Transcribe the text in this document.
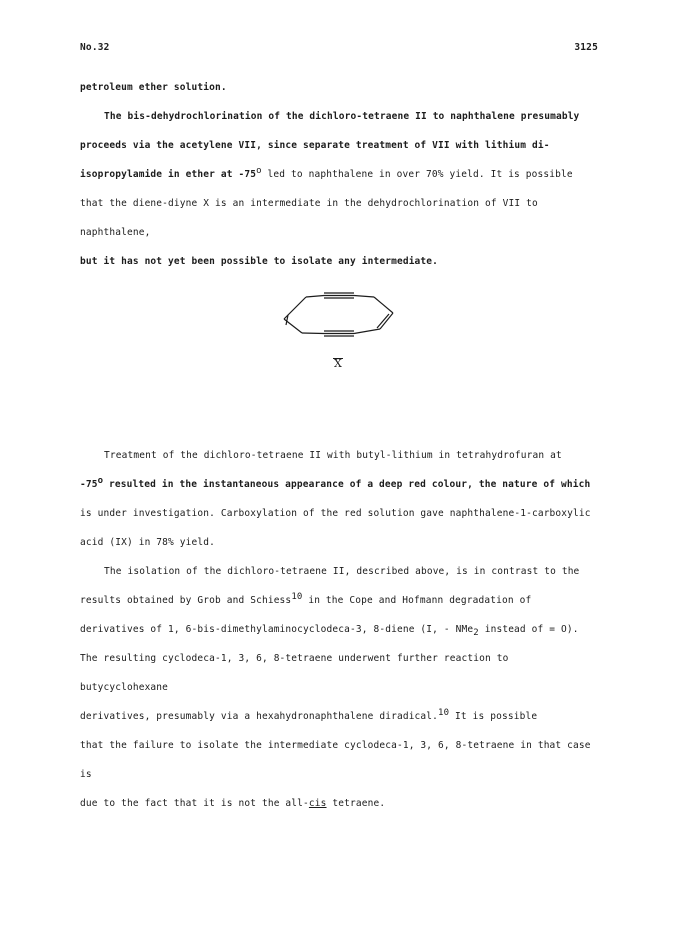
No.32	3125

petroleum ether solution.

The bis-dehydrochlorination of the dichloro-tetraene II to naphthalene presumably

proceeds via the acetylene VII, since separate treatment of VII with lithium di-

isopropylamide in ether at -75$^o$ led to naphthalene in over 70% yield. It is possible

that the diene-diyne X is an intermediate in the dehydrochlorination of VII to naphthalene,

but it has not yet been possible to isolate any intermediate.

X

Treatment of the dichloro-tetraene II with butyl-lithium in tetrahydrofuran at

-75$^o$ resulted in the instantaneous appearance of a deep red colour, the nature of which

is under investigation. Carboxylation of the red solution gave naphthalene-1-carboxylic

acid (IX) in 78% yield.

The isolation of the dichloro-tetraene II, described above, is in contrast to the

results obtained by Grob and Schiess$^{10}$ in the Cope and Hofmann degradation of

derivatives of 1, 6-bis-dimethylaminocyclodeca-3, 8-diene (I, - NMe$_2$ instead of = O).

The resulting cyclodeca-1, 3, 6, 8-tetraene underwent further reaction to butycyclohexane

derivatives, presumably via a hexahydronaphthalene diradical.$^{10}$ It is possible

that the failure to isolate the intermediate cyclodeca-1, 3, 6, 8-tetraene in that case is

due to the fact that it is not the all-cis tetraene.
